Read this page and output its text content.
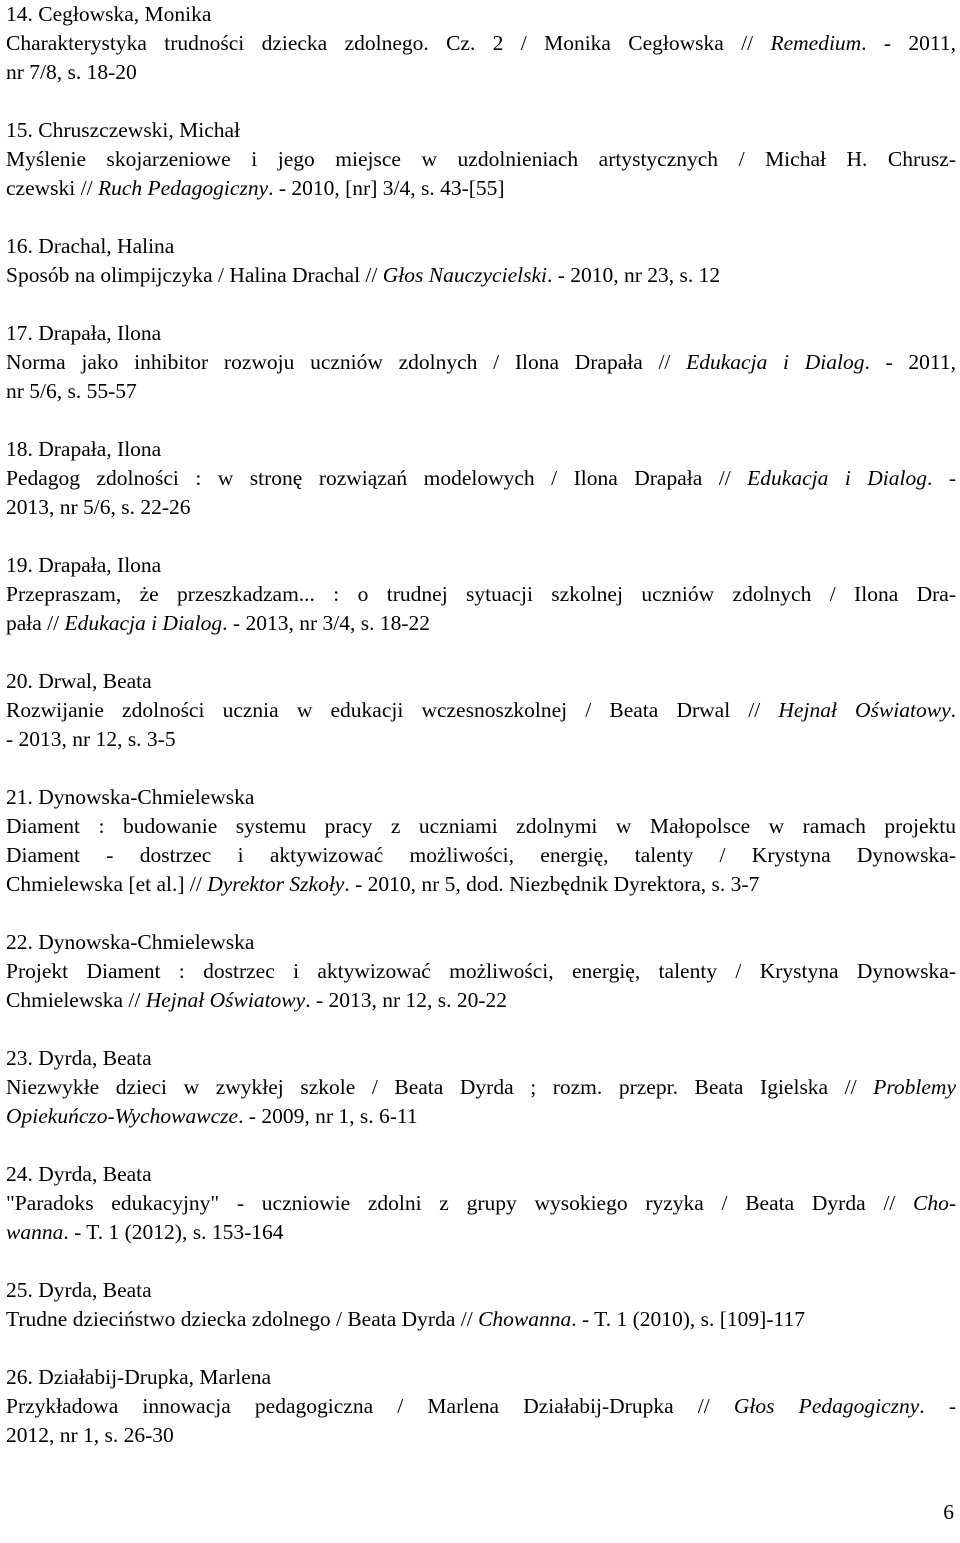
14. Cegłowska, Monika
Charakterystyka trudności dziecka zdolnego. Cz. 2 / Monika Cegłowska // Remedium. - 2011,
nr 7/8, s. 18-20
15. Chruszczewski, Michał
Myślenie skojarzeniowe i jego miejsce w uzdolnieniach artystycznych / Michał H. Chrusz-
czewski // Ruch Pedagogiczny. - 2010, [nr] 3/4, s. 43-[55]
16. Drachal, Halina
Sposób na olimpijczyka / Halina Drachal // Głos Nauczycielski. - 2010, nr 23, s. 12
17. Drapała, Ilona
Norma jako inhibitor rozwoju uczniów zdolnych / Ilona Drapała // Edukacja i Dialog. - 2011,
nr 5/6, s. 55-57
18. Drapała, Ilona
Pedagog zdolności : w stronę rozwiązań modelowych / Ilona Drapała // Edukacja i Dialog. -
2013, nr 5/6, s. 22-26
19. Drapała, Ilona
Przepraszam, że przeszkadzam... : o trudnej sytuacji szkolnej uczniów zdolnych / Ilona Dra-
pała // Edukacja i Dialog. - 2013, nr 3/4, s. 18-22
20. Drwal, Beata
Rozwijanie zdolności ucznia w edukacji wczesnoszkolnej / Beata Drwal // Hejnał Oświatowy.
- 2013, nr 12, s. 3-5
21. Dynowska-Chmielewska
Diament : budowanie systemu pracy z uczniami zdolnymi w Małopolsce w ramach projektu
Diament - dostrzec i aktywizować możliwości, energię, talenty / Krystyna Dynowska-
Chmielewska [et al.] // Dyrektor Szkoły. - 2010, nr 5, dod. Niezbędnik Dyrektora, s. 3-7
22. Dynowska-Chmielewska
Projekt Diament : dostrzec i aktywizować możliwości, energię, talenty / Krystyna Dynowska-
Chmielewska // Hejnał Oświatowy. - 2013, nr 12, s. 20-22
23. Dyrda, Beata
Niezwykłe dzieci w zwykłej szkole / Beata Dyrda ; rozm. przepr. Beata Igielska // Problemy
Opiekuńczo-Wychowawcze. - 2009, nr 1, s. 6-11
24. Dyrda, Beata
"Paradoks edukacyjny" - uczniowie zdolni z grupy wysokiego ryzyka / Beata Dyrda // Cho-
wanna. - T. 1 (2012), s. 153-164
25. Dyrda, Beata
Trudne dzieciństwo dziecka zdolnego / Beata Dyrda // Chowanna. - T. 1 (2010), s. [109]-117
26. Działabij-Drupka, Marlena
Przykładowa innowacja pedagogiczna / Marlena Działabij-Drupka // Głos Pedagogiczny. -
2012, nr 1, s. 26-30
6
